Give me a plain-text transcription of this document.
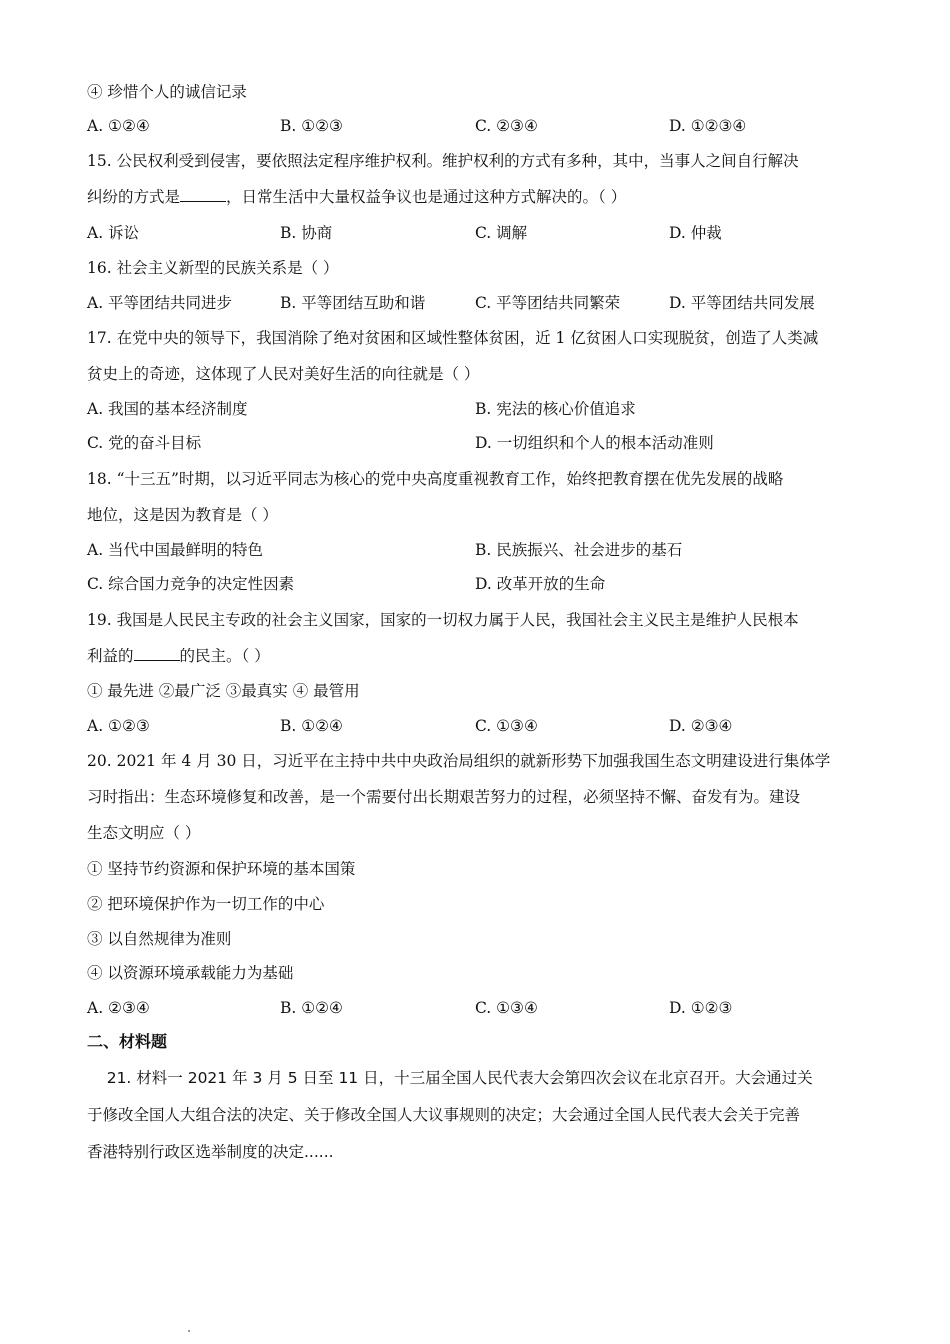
④ 珍惜个人的诚信记录
A. ①②④	B. ①②③	C. ②③④	D. ①②③④
15. 公民权利受到侵害，要依照法定程序维护权利。维护权利的方式有多种，其中，当事人之间自行解决
纠纷的方式是	，日常生活中大量权益争议也是通过这种方式解决的。（ ）
A. 诉讼	B. 协商	C. 调解	D. 仲裁
16. 社会主义新型的民族关系是（ ）
A. 平等团结共同进步	B. 平等团结互助和谐	C. 平等团结共同繁荣	D. 平等团结共同发展
17. 在党中央的领导下，我国消除了绝对贫困和区域性整体贫困，近 1 亿贫困人口实现脱贫，创造了人类减
贫史上的奇迹，这体现了人民对美好生活的向往就是（ ）
A. 我国的基本经济制度	B. 宪法的核心价值追求
C. 党的奋斗目标	D. 一切组织和个人的根本活动准则
18. “十三五”时期，以习近平同志为核心的党中央高度重视教育工作，始终把教育摆在优先发展的战略
地位，这是因为教育是（ ）
A. 当代中国最鲜明的特色	B. 民族振兴、社会进步的基石
C. 综合国力竞争的决定性因素	D. 改革开放的生命
19. 我国是人民民主专政的社会主义国家，国家的一切权力属于人民，我国社会主义民主是维护人民根本
利益的	的民主。（ ）
① 最先进 ②最广泛 ③最真实 ④ 最管用
A. ①②③	B. ①②④	C. ①③④	D. ②③④
20. 2021 年 4 月 30 日，习近平在主持中共中央政治局组织的就新形势下加强我国生态文明建设进行集体学
习时指出：生态环境修复和改善，是一个需要付出长期艰苦努力的过程，必须坚持不懈、奋发有为。建设
生态文明应（ ）
① 坚持节约资源和保护环境的基本国策
② 把环境保护作为一切工作的中心
③ 以自然规律为准则
④ 以资源环境承载能力为基础
A. ②③④	B. ①②④	C. ①③④	D. ①②③
二、材料题
21. 材料一 2021 年 3 月 5 日至 11 日，十三届全国人民代表大会第四次会议在北京召开。大会通过关
于修改全国人大组合法的决定、关于修改全国人大议事规则的决定；大会通过全国人民代表大会关于完善
香港特别行政区选举制度的决定......
